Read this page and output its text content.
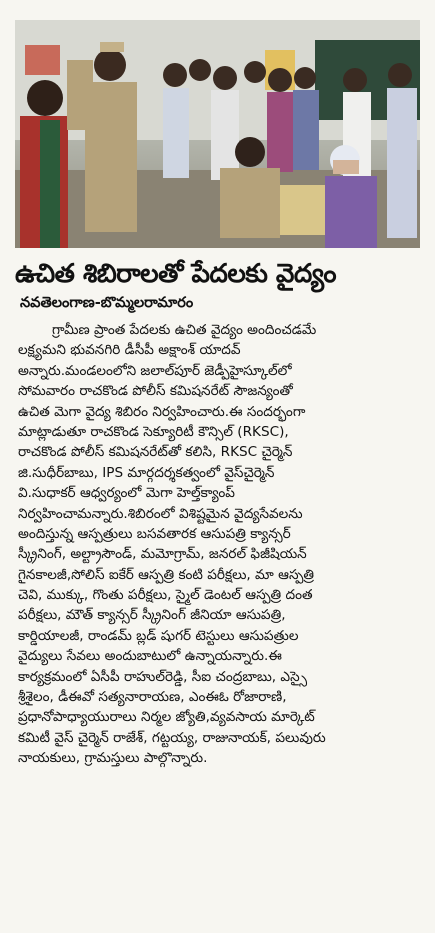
ఉచిత శిబిరాలతో పేదలకు వైద్యం
నవతెలంగాణ-బొమ్మలరామారం
గ్రామీణ ప్రాంత పేదలకు ఉచిత వైద్యం అందించడమే
లక్ష్యమని భువనగిరి డీసీపీ అక్షాంశ్ యాదవ్
అన్నారు.మండలంలోని జలాల్‌పూర్ జెడ్పీహైస్కూల్‌లో
సోమవారం రాచకొండ పోలీస్ కమిషనరేట్ సౌజన్యంతో
ఉచిత మెగా వైద్య శిబిరం నిర్వహించారు.ఈ సందర్భంగా
మాట్లాడుతూ రాచకొండ సెక్యూరిటీ కౌన్సిల్ (RKSC),
రాచకొండ పోలీస్ కమిషనరేట్‌తో కలిసి, RKSC చైర్మెన్
జి.సుధీర్‌బాబు, IPS మార్గదర్శకత్వంలో వైస్‌చైర్మెన్
వి.సుధాకర్ ఆధ్వర్యంలో మెగా హెల్త్‌క్యాంప్
నిర్వహించామన్నారు.శిబిరంలో విశిష్టమైన వైద్యసేవలను
అందిస్తున్న ఆస్పత్రులు బసవతారక ఆసుపత్రి క్యాన్సర్
స్క్రీనింగ్, అల్ట్రాసౌండ్, మమోగ్రామ్, జనరల్ ఫిజీషియన్
గైనకాలజీ,సోలిస్ ఐకేర్ ఆస్పత్రి కంటి పరీక్షలు, మా ఆస్పత్రి
చెవి, ముక్కు, గొంతు పరీక్షలు, స్మైల్ డెంటల్ ఆస్పత్రి దంత
పరీక్షలు, మౌత్ క్యాన్సర్ స్క్రీనింగ్ జీనియా ఆసుపత్రి,
కార్డియాలజీ, రాండమ్ బ్లడ్ షుగర్ టెస్టులు ఆసుపత్రుల
వైద్యులు సేవలు అందుబాటులో ఉన్నాయన్నారు.ఈ
కార్యక్రమంలో ఏసీపీ రాహుల్‌రెడ్డి, సీఐ చంద్రబాబు, ఎస్సై
శ్రీశైలం, డీఈవో సత్యనారాయణ, ఎంఈఓ రోజారాణి,
ప్రధానోపాధ్యాయురాలు నిర్మల జ్యోతి,వ్యవసాయ మార్కెట్
కమిటీ వైస్ చైర్మెన్ రాజేశ్, గట్టయ్య, రాజునాయక్, పలువురు
నాయకులు, గ్రామస్తులు పాల్గొన్నారు.
